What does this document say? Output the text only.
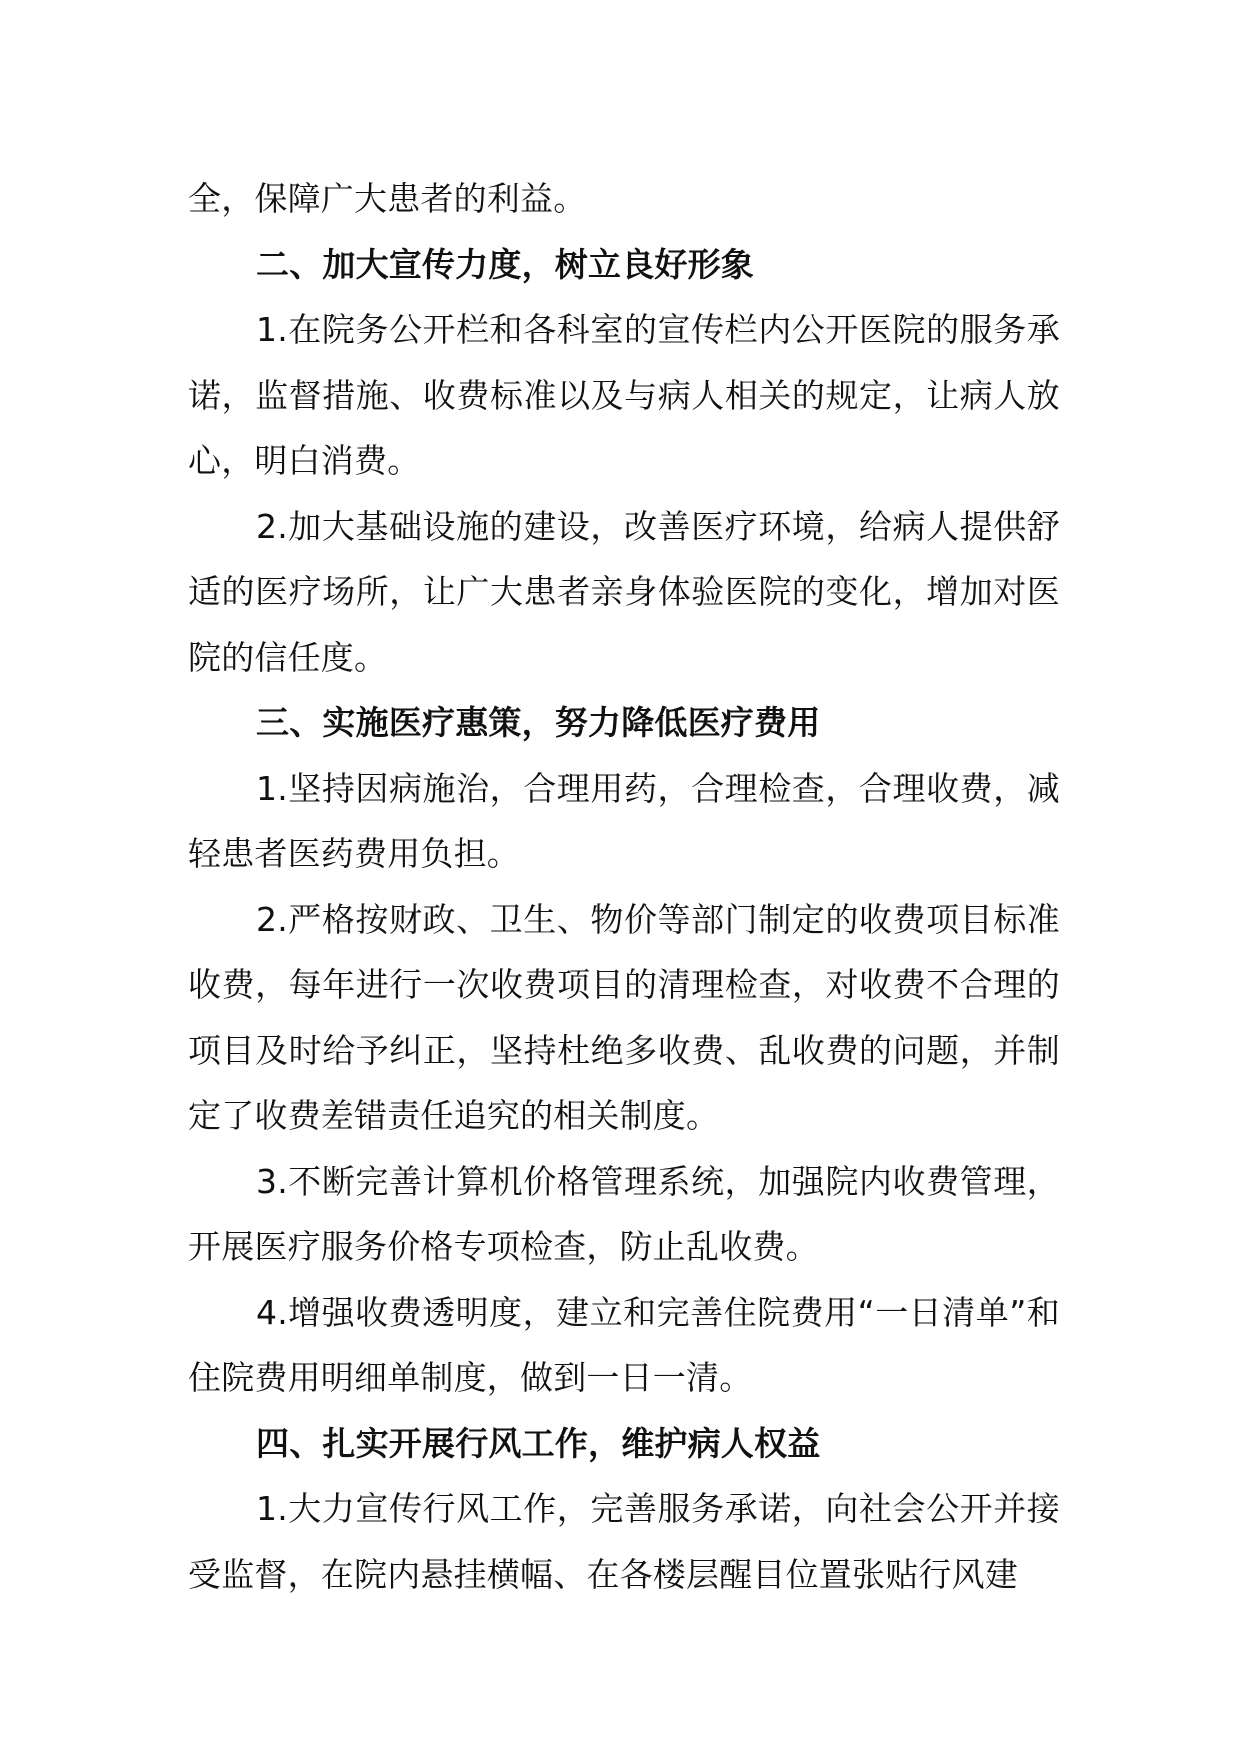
全，保障广大患者的利益。

二、加大宣传力度，树立良好形象

1.在院务公开栏和各科室的宣传栏内公开医院的服务承诺，监督措施、收费标准以及与病人相关的规定，让病人放心，明白消费。

2.加大基础设施的建设，改善医疗环境，给病人提供舒适的医疗场所，让广大患者亲身体验医院的变化，增加对医院的信任度。

三、实施医疗惠策，努力降低医疗费用

1.坚持因病施治，合理用药，合理检查，合理收费，减轻患者医药费用负担。

2.严格按财政、卫生、物价等部门制定的收费项目标准收费，每年进行一次收费项目的清理检查，对收费不合理的项目及时给予纠正，坚持杜绝多收费、乱收费的问题，并制定了收费差错责任追究的相关制度。

3.不断完善计算机价格管理系统，加强院内收费管理，开展医疗服务价格专项检查，防止乱收费。

4.增强收费透明度，建立和完善住院费用“一日清单”和住院费用明细单制度，做到一日一清。

四、扎实开展行风工作，维护病人权益

1.大力宣传行风工作，完善服务承诺，向社会公开并接受监督，在院内悬挂横幅、在各楼层醒目位置张贴行风建
